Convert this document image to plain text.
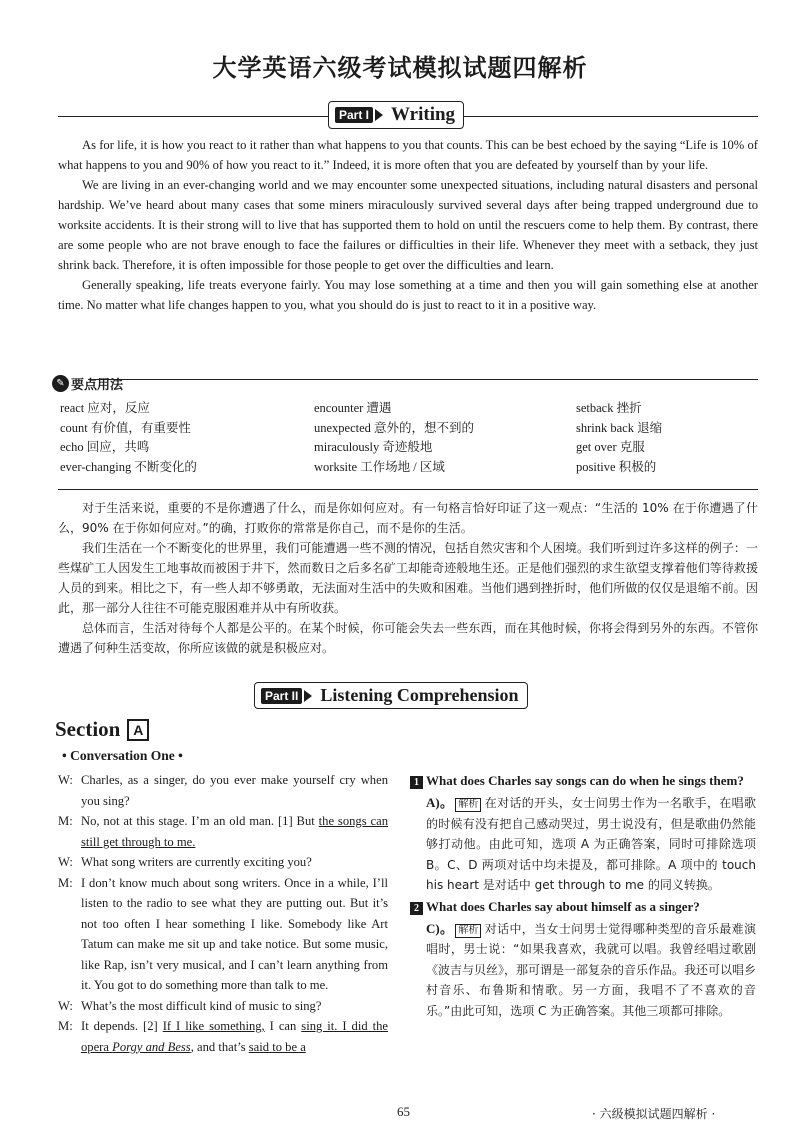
大学英语六级考试模拟试题四解析
Part I Writing

As for life, it is how you react to it rather than what happens to you that counts. This can be best echoed by the saying “Life is 10% of what happens to you and 90% of how you react to it.” Indeed, it is more often that you are defeated by yourself than by your life.

We are living in an ever-changing world and we may encounter some unexpected situations, including natural disasters and personal hardship. We’ve heard about many cases that some miners miraculously survived several days after being trapped underground due to worksite accidents. It is their strong will to live that has supported them to hold on until the rescuers come to help them. By contrast, there are some people who are not brave enough to face the failures or difficulties in their life. Whenever they meet with a setback, they just shrink back. Therefore, it is often impossible for those people to get over the difficulties and learn.

Generally speaking, life treats everyone fairly. You may lose something at a time and then you will gain something else at another time. No matter what life changes happen to you, what you should do is just to react to it in a positive way.

✎ 要点用法
react 应对，反应	encounter 遭遇	setback 挫折
count 有价值，有重要性	unexpected 意外的，想不到的	shrink back 退缩
echo 回应，共鸣	miraculously 奇迹般地	get over 克服
ever-changing 不断变化的	worksite 工作场地 / 区域	positive 积极的

对于生活来说，重要的不是你遭遇了什么，而是你如何应对。有一句格言恰好印证了这一观点：“生活的 10% 在于你遭遇了什么，90% 在于你如何应对。”的确，打败你的常常是你自己，而不是你的生活。

我们生活在一个不断变化的世界里，我们可能遭遇一些不测的情况，包括自然灾害和个人困境。我们听到过许多这样的例子：一些煤矿工人因发生工地事故而被困于井下，然而数日之后多名矿工却能奇迹般地生还。正是他们强烈的求生欲望支撑着他们等待救援人员的到来。相比之下，有一些人却不够勇敢，无法面对生活中的失败和困难。当他们遇到挫折时，他们所做的仅仅是退缩不前。因此，那一部分人往往不可能克服困难并从中有所收获。

总体而言，生活对待每个人都是公平的。在某个时候，你可能会失去一些东西，而在其他时候，你将会得到另外的东西。不管你遭遇了何种生活变故，你所应该做的就是积极应对。

Part II Listening Comprehension
Section A
• Conversation One •
W: Charles, as a singer, do you ever make yourself cry when you sing?
M: No, not at this stage. I’m an old man. [1] But the songs can still get through to me.
W: What song writers are currently exciting you?
M: I don’t know much about song writers. Once in a while, I’ll listen to the radio to see what they are putting out. But it’s not too often I hear something I like. Somebody like Art Tatum can make me sit up and take notice. But some music, like Rap, isn’t very musical, and I can’t learn anything from it. You got to do something more than talk to me.
W: What’s the most difficult kind of music to sing?
M: It depends. [2] If I like something, I can sing it. I did the opera Porgy and Bess, and that’s said to be a
1 What does Charles say songs can do when he sings them?
A)。 解析 在对话的开头，女士问男士作为一名歌手，在唱歌的时候有没有把自己感动哭过，男士说没有，但是歌曲仍然能够打动他。由此可知，选项 A 为正确答案，同时可排除选项 B。C、D 两项对话中均未提及，都可排除。A 项中的 touch his heart 是对话中 get through to me 的同义转换。
2 What does Charles say about himself as a singer?
C)。 解析 对话中，当女士问男士觉得哪种类型的音乐最难演唱时，男士说：“如果我喜欢，我就可以唱。我曾经唱过歌剧《波吉与贝丝》，那可谓是一部复杂的音乐作品。我还可以唱乡村音乐、布鲁斯和情歌。另一方面，我唱不了不喜欢的音乐。”由此可知，选项 C 为正确答案。其他三项都可排除。
65	· 六级模拟试题四解析 ·
